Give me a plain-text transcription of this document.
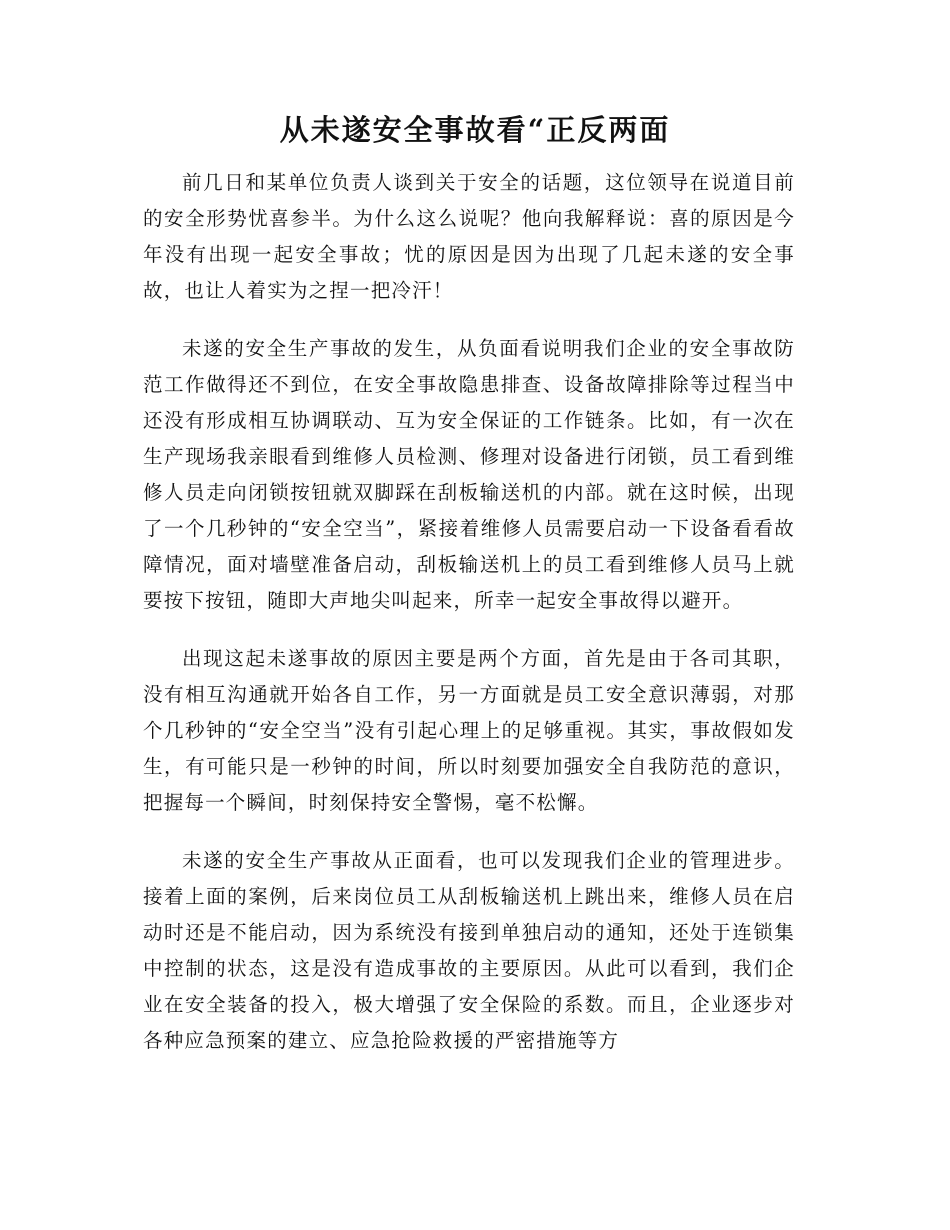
从未遂安全事故看“正反两面

前几日和某单位负责人谈到关于安全的话题，这位领导在说道目前的安全形势忧喜参半。为什么这么说呢？他向我解释说：喜的原因是今年没有出现一起安全事故；忧的原因是因为出现了几起未遂的安全事故，也让人着实为之捏一把冷汗！

未遂的安全生产事故的发生，从负面看说明我们企业的安全事故防范工作做得还不到位，在安全事故隐患排查、设备故障排除等过程当中还没有形成相互协调联动、互为安全保证的工作链条。比如，有一次在生产现场我亲眼看到维修人员检测、修理对设备进行闭锁，员工看到维修人员走向闭锁按钮就双脚踩在刮板输送机的内部。就在这时候，出现了一个几秒钟的“安全空当”，紧接着维修人员需要启动一下设备看看故障情况，面对墙壁准备启动，刮板输送机上的员工看到维修人员马上就要按下按钮，随即大声地尖叫起来，所幸一起安全事故得以避开。

出现这起未遂事故的原因主要是两个方面，首先是由于各司其职，没有相互沟通就开始各自工作，另一方面就是员工安全意识薄弱，对那个几秒钟的“安全空当”没有引起心理上的足够重视。其实，事故假如发生，有可能只是一秒钟的时间，所以时刻要加强安全自我防范的意识，把握每一个瞬间，时刻保持安全警惕，毫不松懈。

未遂的安全生产事故从正面看，也可以发现我们企业的管理进步。接着上面的案例，后来岗位员工从刮板输送机上跳出来，维修人员在启动时还是不能启动，因为系统没有接到单独启动的通知，还处于连锁集中控制的状态，这是没有造成事故的主要原因。从此可以看到，我们企业在安全装备的投入，极大增强了安全保险的系数。而且，企业逐步对各种应急预案的建立、应急抢险救援的严密措施等方
